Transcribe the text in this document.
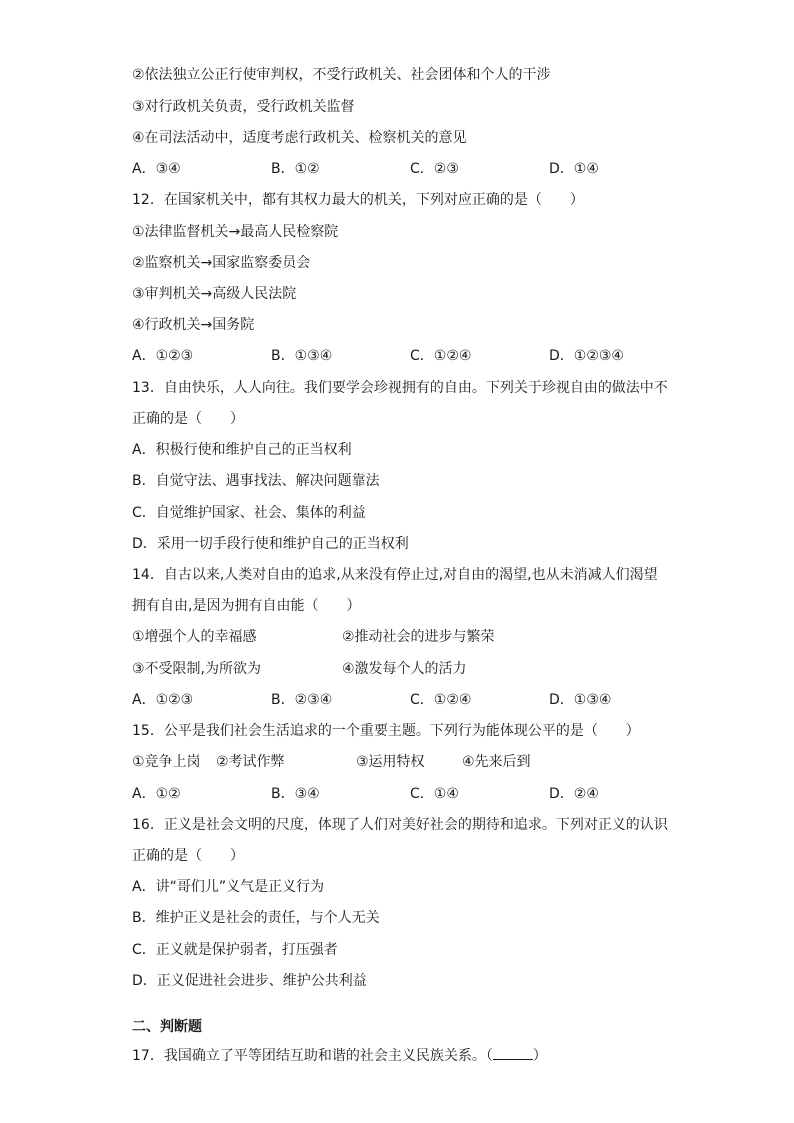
②依法独立公正行使审判权，不受行政机关、社会团体和个人的干涉
③对行政机关负责，受行政机关监督
④在司法活动中，适度考虑行政机关、检察机关的意见
A．③④	B．①②	C．②③	D．①④
12．在国家机关中，都有其权力最大的机关，下列对应正确的是（　　）
①法律监督机关→最高人民检察院
②监察机关→国家监察委员会
③审判机关→高级人民法院
④行政机关→国务院
A．①②③	B．①③④	C．①②④	D．①②③④
13．自由快乐，人人向往。我们要学会珍视拥有的自由。下列关于珍视自由的做法中不
正确的是（　　）
A．积极行使和维护自己的正当权利
B．自觉守法、遇事找法、解决问题靠法
C．自觉维护国家、社会、集体的利益
D．采用一切手段行使和维护自己的正当权利
14．自古以来,人类对自由的追求,从来没有停止过,对自由的渴望,也从未消减人们渴望
拥有自由,是因为拥有自由能（　　）
①增强个人的幸福感	②推动社会的进步与繁荣
③不受限制,为所欲为	④激发每个人的活力
A．①②③	B．②③④	C．①②④	D．①③④
15．公平是我们社会生活追求的一个重要主题。下列行为能体现公平的是（　　）
①竞争上岗 ②考试作弊	③运用特权	④先来后到
A．①②	B．③④	C．①④	D．②④
16．正义是社会文明的尺度，体现了人们对美好社会的期待和追求。下列对正义的认识
正确的是（　　）
A．讲“哥们儿”义气是正义行为
B．维护正义是社会的责任，与个人无关
C．正义就是保护弱者，打压强者
D．正义促进社会进步、维护公共利益
二、判断题
17．我国确立了平等团结互助和谐的社会主义民族关系。（	）
